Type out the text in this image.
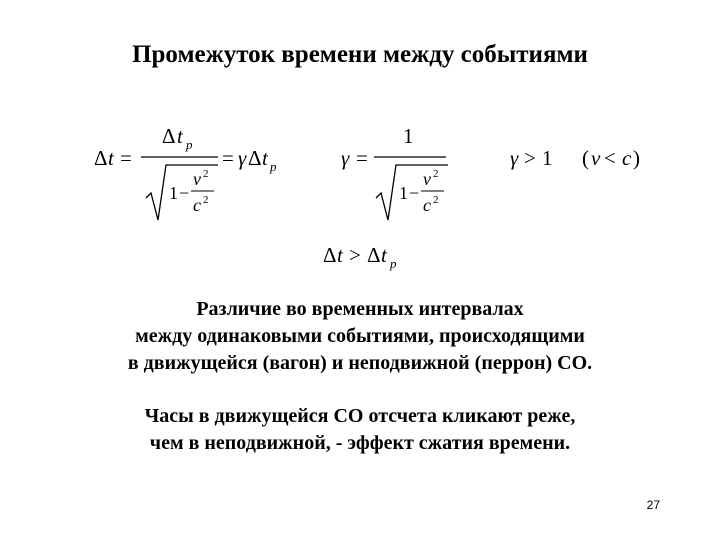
Промежуток времени между событиями
Δ t =
Δ t p
1 −
v 2
c 2
= γ Δ t p	γ =
1
1 −
v 2
c 2
γ > 1 ( v < c )
Δ t > Δ t p
Различие во временных интервалах
между одинаковыми событиями, происходящими
в движущейся (вагон) и неподвижной (перрон) СО.
Часы в движущейся СО отсчета кликают реже,
чем в неподвижной, - эффект сжатия времени.
27
